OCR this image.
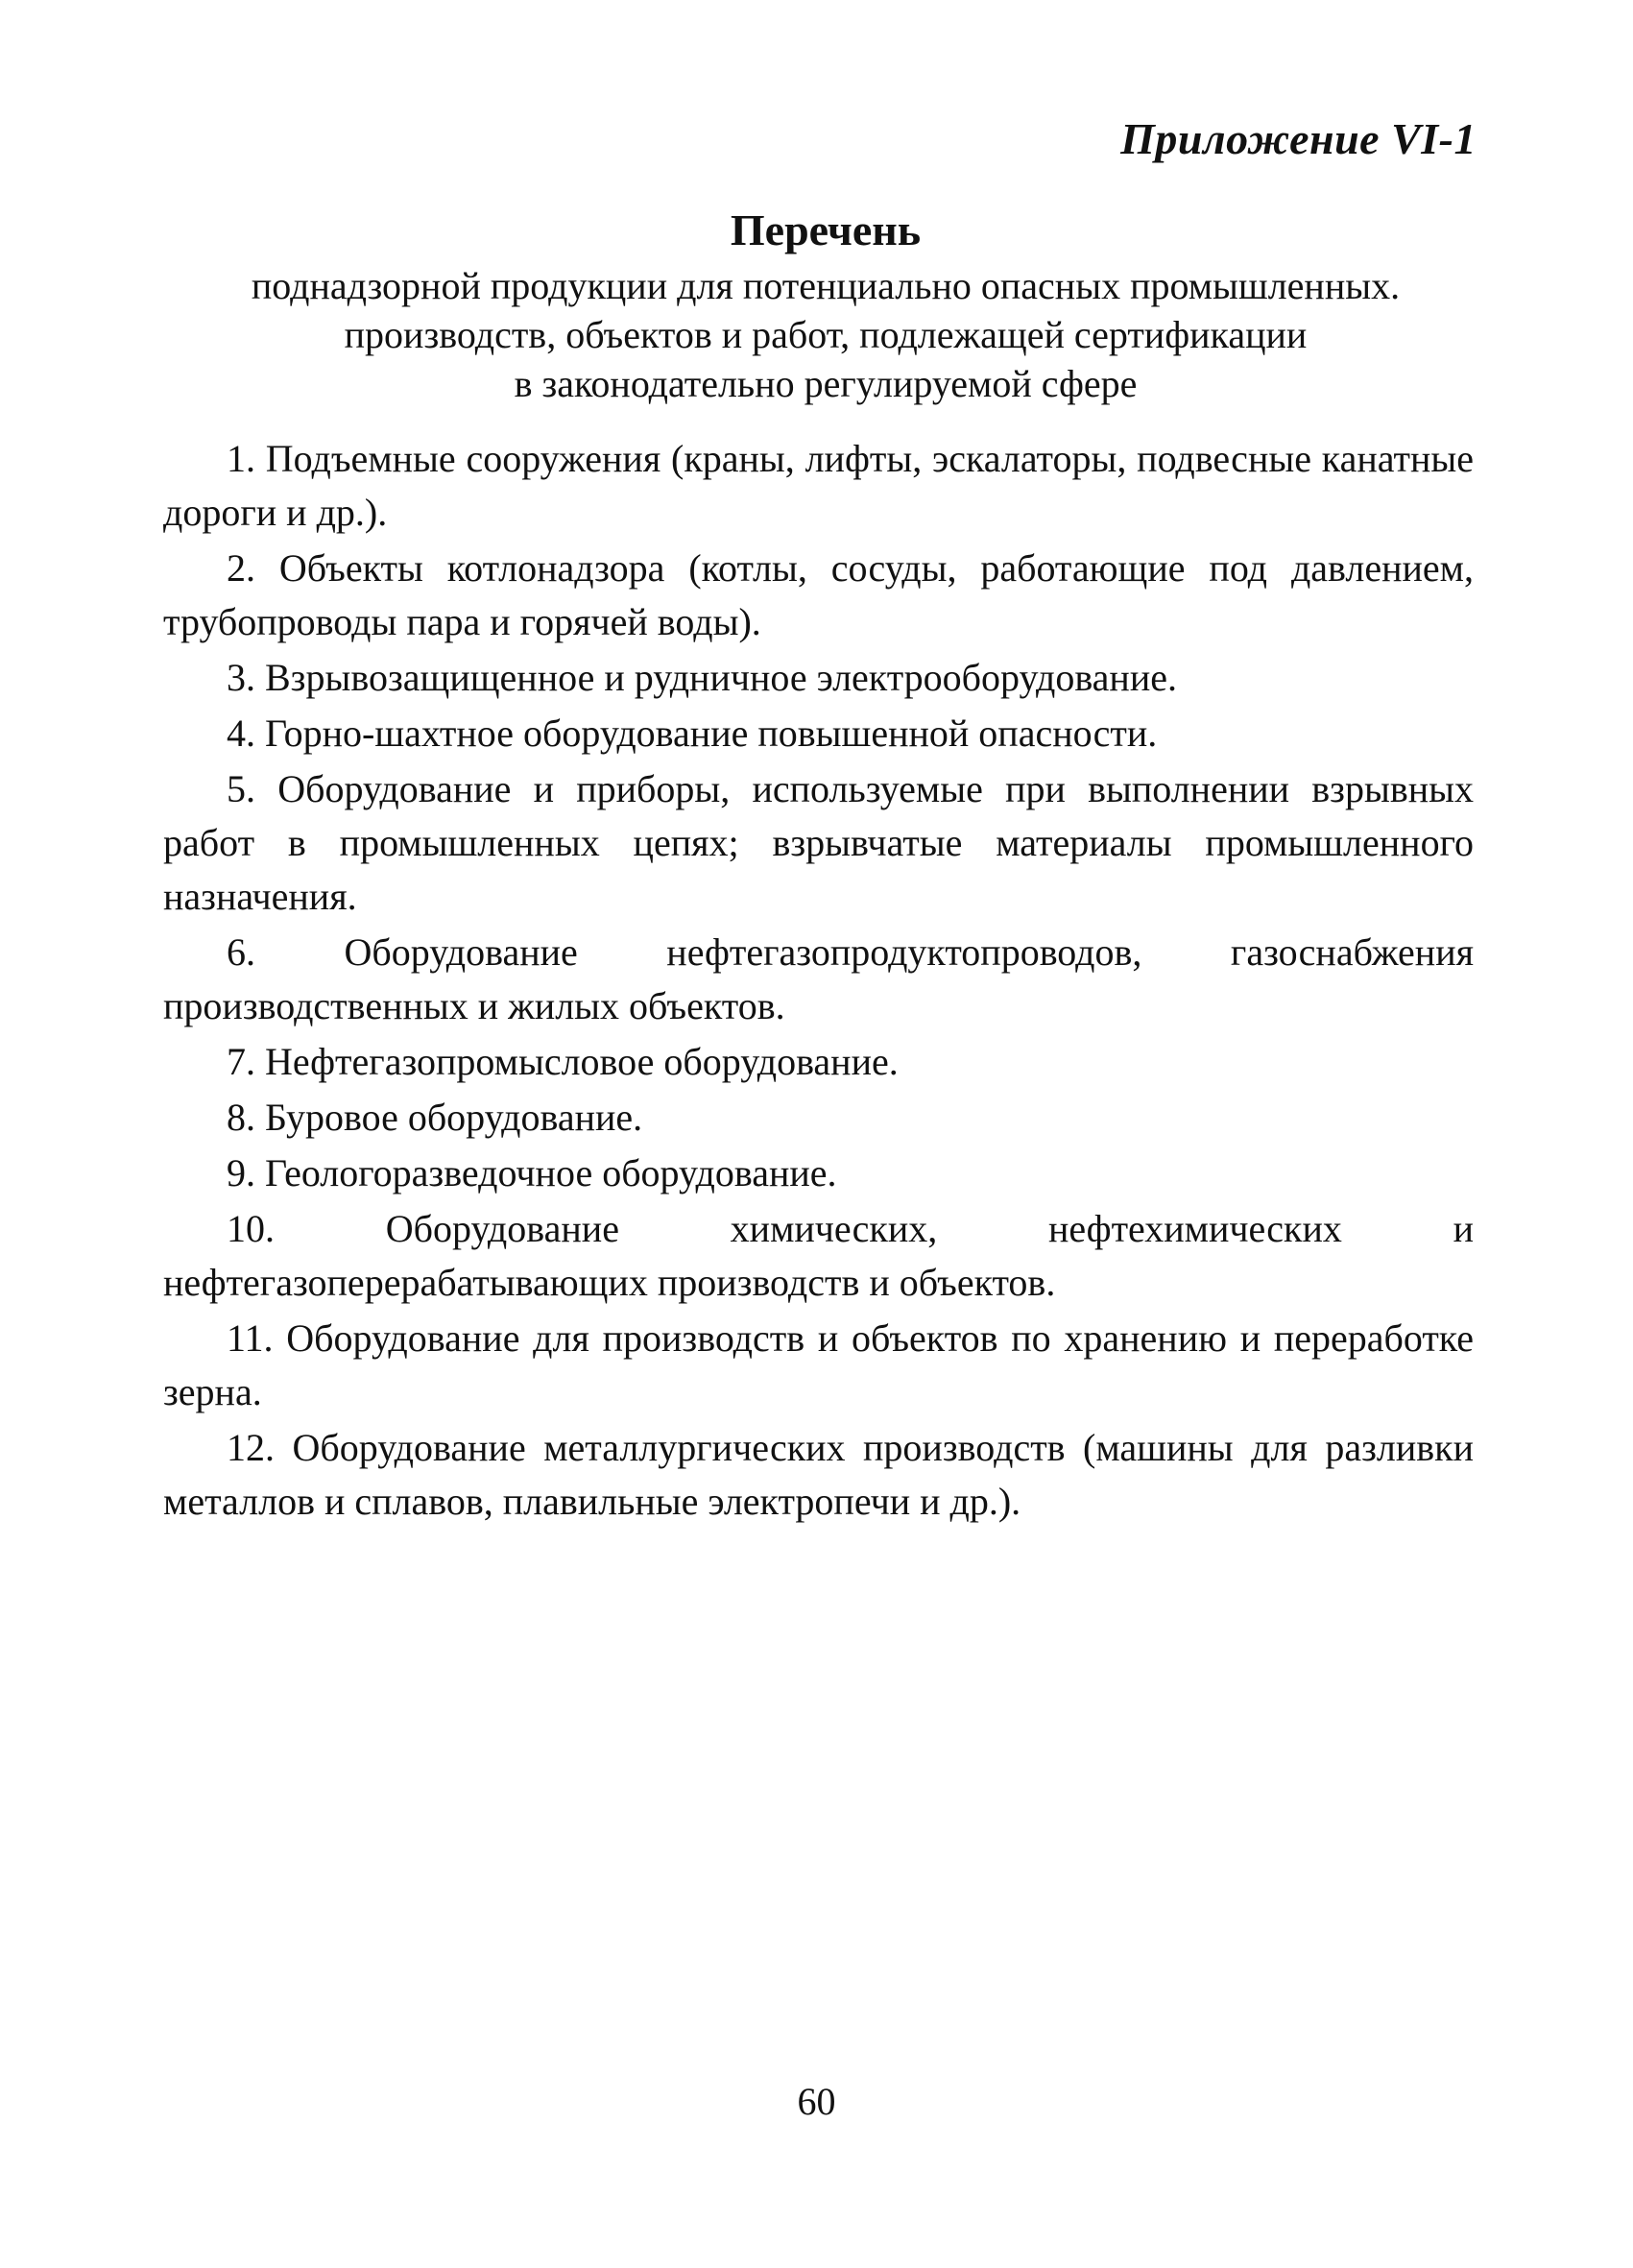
Приложение VI-1
Перечень
поднадзорной продукции для потенциально опасных промышленных.
производств, объектов и работ, подлежащей сертификации
в законодательно регулируемой сфере

1. Подъемные сооружения (краны, лифты, эскалаторы, подвесные канатные дороги и др.).

2. Объекты котлонадзора (котлы, сосуды, работающие под давлением, трубопроводы пара и горячей воды).

3. Взрывозащищенное и рудничное электрооборудование.

4. Горно-шахтное оборудование повышенной опасности.

5. Оборудование и приборы, используемые при выполнении взрывных работ в промышленных цепях; взрывчатые материалы промышленного назначения.

6. Оборудование нефтегазопродуктопроводов, газоснабжения производственных и жилых объектов.

7. Нефтегазопромысловое оборудование.

8. Буровое оборудование.

9. Геологоразведочное оборудование.

10. Оборудование химических, нефтехимических и нефтегазоперерабатывающих производств и объектов.

11. Оборудование для производств и объектов по хранению и переработке зерна.

12. Оборудование металлургических производств (машины для разливки металлов и сплавов, плавильные электропечи и др.).

60
